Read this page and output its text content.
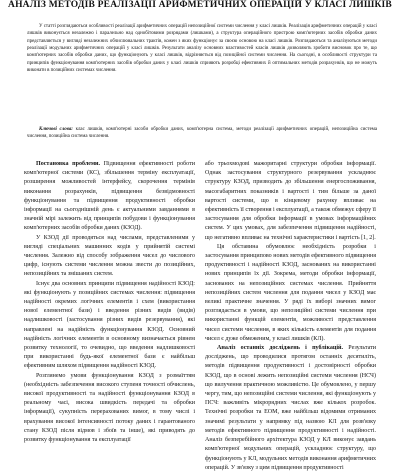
АНАЛІЗ МЕТОДІВ РЕАЛІЗАЦІЇ АРИФМЕТИЧНИХ ОПЕРАЦІЙ У КЛАСІ ЛИШКІВ

У статті розглядаються особливості реалізації арифметичних операцій непозиційної системи числення у класі лишків. Реалізація арифметичних операцій у класі лишків виконується незалежно і паралельно над однобітовими розрядами (лишками), а структура операційного пристрою комп'ютерних засобів обробки даних представляється у вигляді незалежних обчислювальних трактів, кожен з яких функціонує за своєю основою на класі лишків. Розглядаються та аналізуються методи реалізації модульних арифметичних операцій у класі лишків. Результати аналізу основних властивостей класів лишків дозволяють зробити висновок про те, що комп'ютерних засобів обробки даних, що функціонують у класі лишків, відрізняється від позиційної системи числення. На сьогодні, в особливості структури та принципів функціонування комп'ютерних засобів обробки даних у класі лишків сприяють розробці ефективних й оптимальних методів розрахунків, що не можуть виконати в позиційних системах числення.

Ключові слова: клас лишків, комп'ютерні засоби обробки даних, комп'ютерна система, методи реалізації арифметичних операцій, непозиційна система числення, позиційна система числення.

Постановка проблеми. Підвищення ефективності роботи комп'ютерної системи (КС), збільшення терміну експлуатації, розширення можливостей інтерфейсу, скорочення термінів виконання розрахунків, підвищення безвідмовності функціонування та підвищення продуктивності обробки інформації на сьогоднішній день є актуальними завданнями в значній мірі залежить від принципів побудови і функціонування комп'ютерних засобів обробки даних (КЗОД).

У КЗОД дії проводяться над числами, представленими у вигляді спеціальних машинних кодів у прийнятій системі числення. Залежно від способу зображення чисел до числового цифр, існують системи числення можна звести до позиційних, непозиційних та змішаних систем.

Існує два основних принципи підвищення надійності КЗОД: які функціонують у позиційних системах числення: підвищення надійності окремих логічних елементів і схем (використання нової елементної бази) і введення різних видів (видів) надлишковості (застосування різних видів резервування), які направлені на надійність функціонування КЗОД. Основний надійність логічних елементів в основному визначається рівнем розвитку технології, то очевидно, що введення надлишковості при використанні будь-якої елементної бази є найбільш ефективним шляхом підвищення надійності КЗОД.

Розглянемо умови функціонування КЗОД з розмаїттям (необхідність забезпечення високого ступеня точності обчислень, високої продуктивності та надійності функціонування КЗОД в реальному часі, висока швидкість передачі та обробки інформації), сукупність перерахованих вимог, в тому числі і врахування високої інтенсивності потоку даних і гарантованого стану КЗОД після відмов і збоїв та інше), які приводять до розвитку функціонування та експлуатації

або трьохмодові мажоритарні структури обробки інформації. Однак застосування структурного резервування ускладнює структуру КЗОД, призводить до збільшення енергоспоживання, масогабаритних показників і вартості і тим більше за даної вартості системи, що в кінцевому рахунку впливає на ефективність її створення і експлуатації, а також обмежує сферу її застосування для обробки інформації в умовах інформаційних систем. У цих умовах, для забезпечення підвищення надійності, що негативно впливає на технічні характеристики і вартість [1, 2].

Ця обставина обумовлює необхідність розробки і застосування принципово нових методів ефективного підвищення продуктивності і надійності КЗОД, заснованих на використанні нових принципів їх дії. Зокрема, методи обробки інформації, заснованих на непозиційних системах числення. Прийняття непозиційних систем числення для подання чисел у КЗОД має великі практичне значення. У ряді їх виборі значних вимог розглядається в умови, що непозиційні системи числення при використанні функцій елементів, можливості представлення чисел системи числення, в яких кількість елементів для подання чисел є дуже обмеженим, у класі лишків (КЛ).

Аналіз останніх досліджень і публікацій. Результати досліджень, що проводилися протягом останніх десятиліть, методів підвищення продуктивності і достовірності обробки КЗОД, що в основі лежить непозиційні системи числення (НСЧ) що вилучення практичною можливістю. Це обумовлено, у першу чергу, тим, що непозиційні системи числення, які функціонують у ПСЧ: важливіть мікрорядних числах вже кількох розробок. Технічні розробки та ЕОМ, вже найбільш відомими отриманих значимі результати у напрямку під назвою КЛ для розв'язку методів ефективного підвищення продуктивності і надійності. Аналіз безперебійного архітектура КЗОД у КЛ виконує завдань комп'ютерної модульних операцій, ускладнює структуру, що функціонують у КЛ, модульних методів виконання арифметичних операцій. У зв'язку з цим підвищення продуктивності
